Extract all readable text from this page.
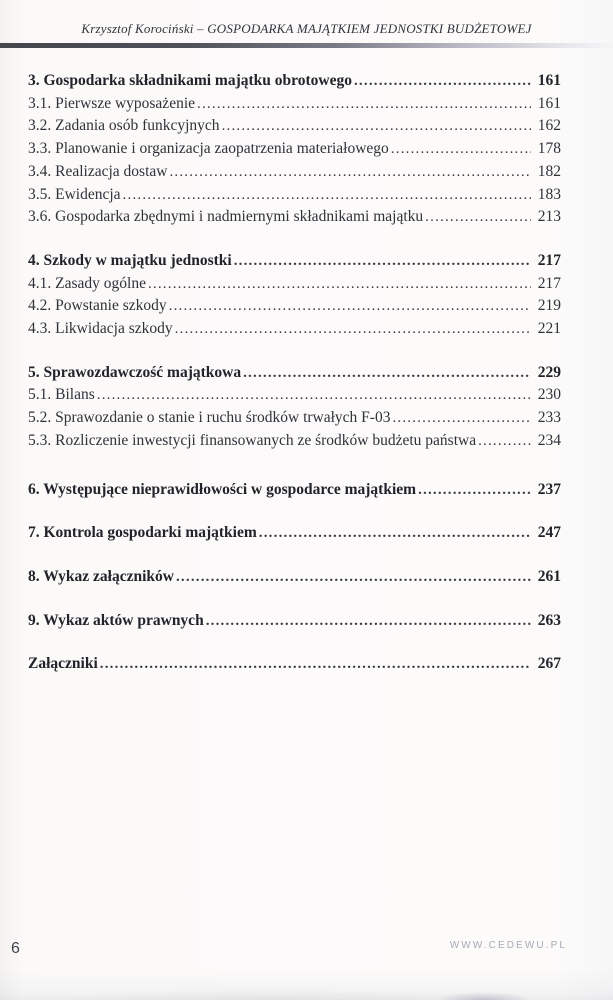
Krzysztof Korociński – GOSPODARKA MAJĄTKIEM JEDNOSTKI BUDŻETOWEJ
3. Gospodarka składnikami majątku obrotowego .....	161
3.1. Pierwsze wyposażenie .....	161
3.2. Zadania osób funkcyjnych .....	162
3.3. Planowanie i organizacja zaopatrzenia materiałowego .....	178
3.4. Realizacja dostaw .....	182
3.5. Ewidencja .....	183
3.6. Gospodarka zbędnymi i nadmiernymi składnikami majątku .....	213
4. Szkody w majątku jednostki .....	217
4.1. Zasady ogólne .....	217
4.2. Powstanie szkody .....	219
4.3. Likwidacja szkody .....	221
5. Sprawozdawczość majątkowa .....	229
5.1. Bilans .....	230
5.2. Sprawozdanie o stanie i ruchu środków trwałych F-03 .....	233
5.3. Rozliczenie inwestycji finansowanych ze środków budżetu państwa .....	234
6. Występujące nieprawidłowości w gospodarce majątkiem .....	237
7. Kontrola gospodarki majątkiem .....	247
8. Wykaz załączników .....	261
9. Wykaz aktów prawnych .....	263
Załączniki .....	267
6	WWW.CEDEWU.PL
